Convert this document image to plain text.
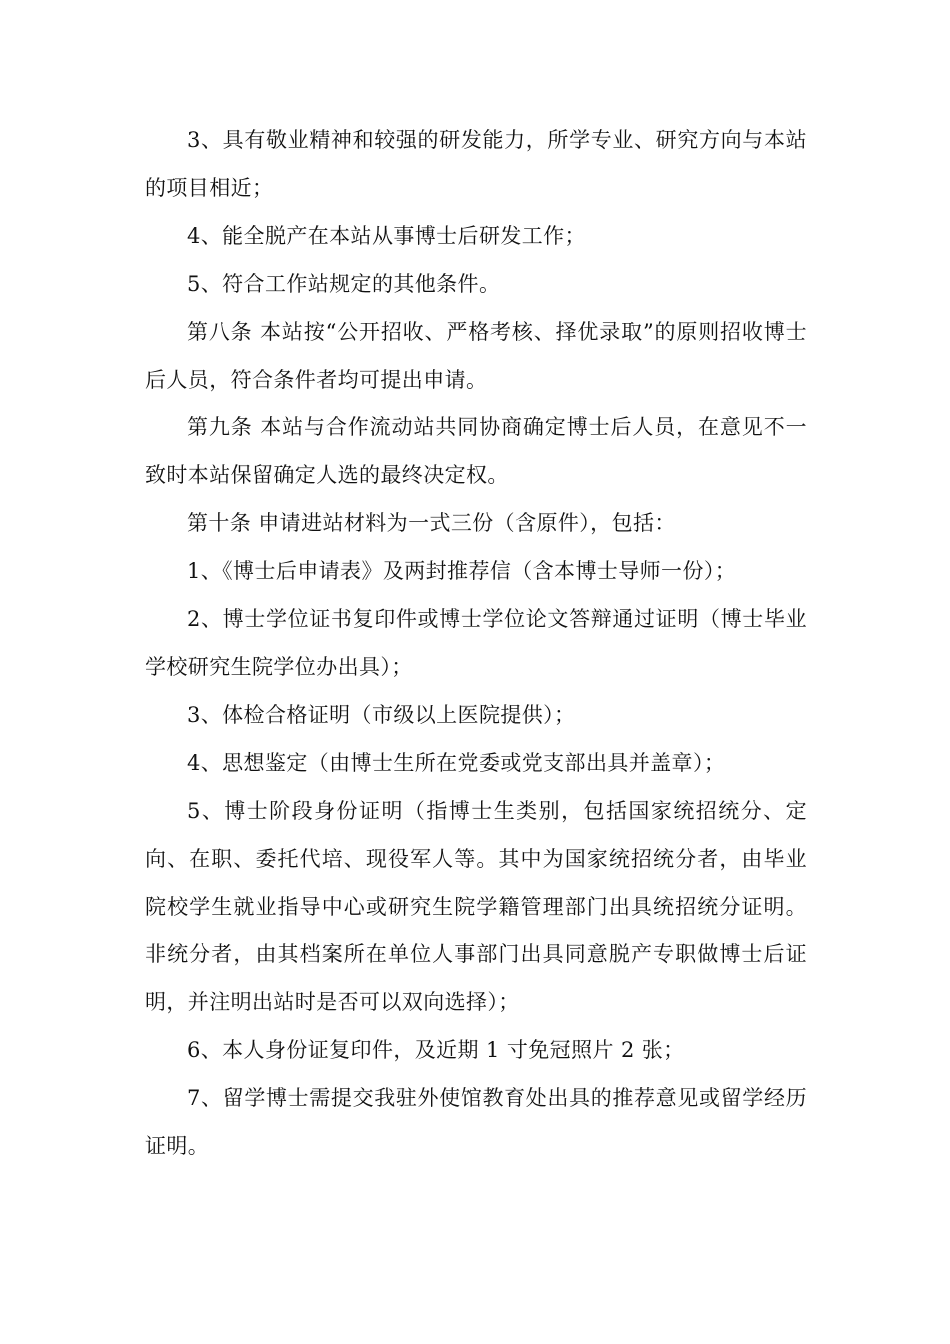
3、具有敬业精神和较强的研发能力，所学专业、研究方向与本站的项目相近；

4、能全脱产在本站从事博士后研发工作；

5、符合工作站规定的其他条件。

第八条 本站按“公开招收、严格考核、择优录取”的原则招收博士后人员，符合条件者均可提出申请。

第九条 本站与合作流动站共同协商确定博士后人员，在意见不一致时本站保留确定人选的最终决定权。

第十条 申请进站材料为一式三份（含原件），包括：

1、《博士后申请表》及两封推荐信（含本博士导师一份）；

2、博士学位证书复印件或博士学位论文答辩通过证明（博士毕业学校研究生院学位办出具）；

3、体检合格证明（市级以上医院提供）；

4、思想鉴定（由博士生所在党委或党支部出具并盖章）；

5、博士阶段身份证明（指博士生类别，包括国家统招统分、定向、在职、委托代培、现役军人等。其中为国家统招统分者，由毕业院校学生就业指导中心或研究生院学籍管理部门出具统招统分证明。非统分者，由其档案所在单位人事部门出具同意脱产专职做博士后证明，并注明出站时是否可以双向选择）；

6、本人身份证复印件，及近期 1 寸免冠照片 2 张；

7、留学博士需提交我驻外使馆教育处出具的推荐意见或留学经历证明。
